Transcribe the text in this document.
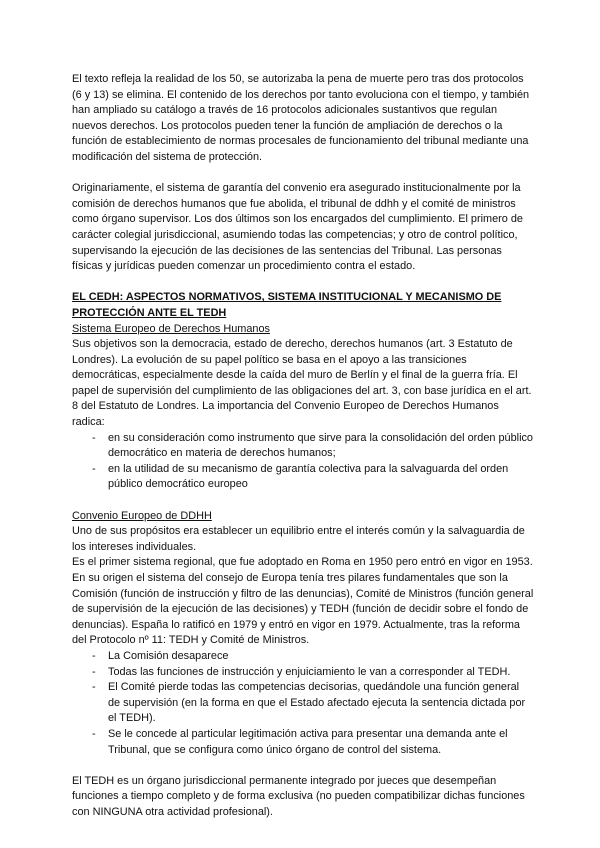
El texto refleja la realidad de los 50, se autorizaba la pena de muerte pero tras dos protocolos (6 y 13) se elimina. El contenido de los derechos por tanto evoluciona con el tiempo, y también han ampliado su catálogo a través de 16 protocolos adicionales sustantivos que regulan nuevos derechos. Los protocolos pueden tener la función de ampliación de derechos o la función de establecimiento de normas procesales de funcionamiento del tribunal mediante una modificación del sistema de protección.

Originariamente, el sistema de garantía del convenio era asegurado institucionalmente por la comisión de derechos humanos que fue abolida, el tribunal de ddhh y el comité de ministros como órgano supervisor. Los dos últimos son los encargados del cumplimiento. El primero de carácter colegial jurisdiccional, asumiendo todas las competencias; y otro de control político, supervisando la ejecución de las decisiones de las sentencias del Tribunal. Las personas físicas y jurídicas pueden comenzar un procedimiento contra el estado.

EL CEDH: ASPECTOS NORMATIVOS, SISTEMA INSTITUCIONAL Y MECANISMO DE PROTECCIÓN ANTE EL TEDH

Sistema Europeo de Derechos Humanos

Sus objetivos son la democracia, estado de derecho, derechos humanos (art. 3 Estatuto de Londres). La evolución de su papel político se basa en el apoyo a las transiciones democráticas, especialmente desde la caída del muro de Berlín y el final de la guerra fría. El papel de supervisión del cumplimiento de las obligaciones del art. 3, con base jurídica en el art. 8 del Estatuto de Londres. La importancia del Convenio Europeo de Derechos Humanos radica:

- en su consideración como instrumento que sirve para la consolidación del orden público democrático en materia de derechos humanos;
- en la utilidad de su mecanismo de garantía colectiva para la salvaguarda del orden público democrático europeo

Convenio Europeo de DDHH

Uno de sus propósitos era establecer un equilibrio entre el interés común y la salvaguardia de los intereses individuales.

Es el primer sistema regional, que fue adoptado en Roma en 1950 pero entró en vigor en 1953. En su origen el sistema del consejo de Europa tenía tres pilares fundamentales que son la Comisión (función de instrucción y filtro de las denuncias), Comité de Ministros (función general de supervisión de la ejecución de las decisiones) y TEDH (función de decidir sobre el fondo de denuncias). España lo ratificó en 1979 y entró en vigor en 1979. Actualmente, tras la reforma del Protocolo nº 11: TEDH y Comité de Ministros.

- La Comisión desaparece
- Todas las funciones de instrucción y enjuiciamiento le van a corresponder al TEDH.
- El Comité pierde todas las competencias decisorias, quedándole una función general de supervisión (en la forma en que el Estado afectado ejecuta la sentencia dictada por el TEDH).
- Se le concede al particular legitimación activa para presentar una demanda ante el Tribunal, que se configura como único órgano de control del sistema.

El TEDH es un órgano jurisdiccional permanente integrado por jueces que desempeñan funciones a tiempo completo y de forma exclusiva (no pueden compatibilizar dichas funciones con NINGUNA otra actividad profesional).
